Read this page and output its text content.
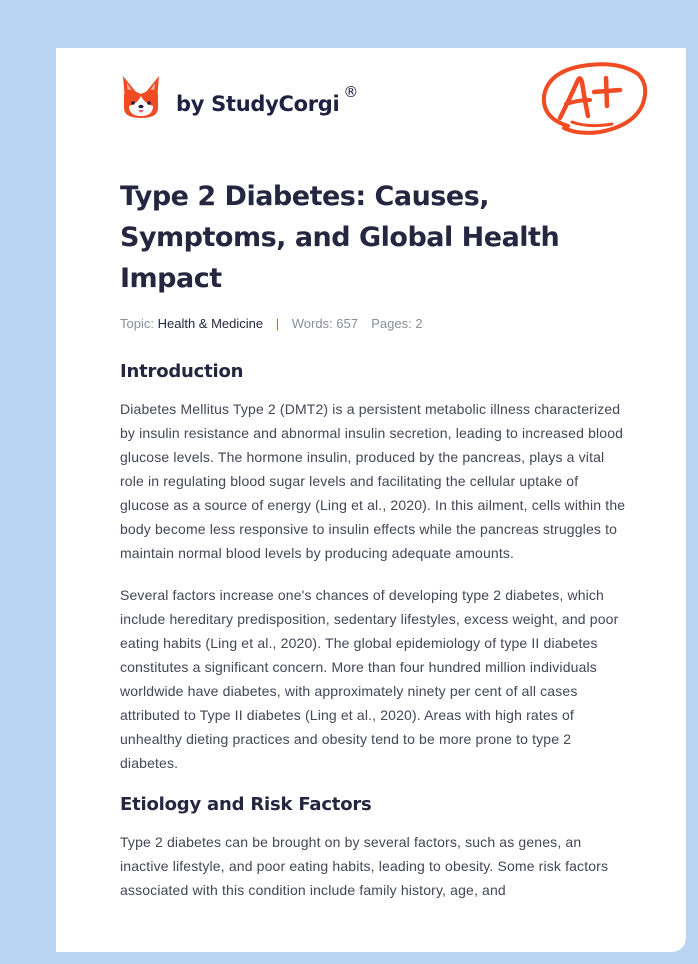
by StudyCorgi ®
Type 2 Diabetes: Causes, Symptoms, and Global Health Impact
Topic: Health & Medicine | Words: 657 Pages: 2
Introduction

Diabetes Mellitus Type 2 (DMT2) is a persistent metabolic illness characterized by insulin resistance and abnormal insulin secretion, leading to increased blood glucose levels. The hormone insulin, produced by the pancreas, plays a vital role in regulating blood sugar levels and facilitating the cellular uptake of glucose as a source of energy (Ling et al., 2020). In this ailment, cells within the body become less responsive to insulin effects while the pancreas struggles to maintain normal blood levels by producing adequate amounts.

Several factors increase one's chances of developing type 2 diabetes, which include hereditary predisposition, sedentary lifestyles, excess weight, and poor eating habits (Ling et al., 2020). The global epidemiology of type II diabetes constitutes a significant concern. More than four hundred million individuals worldwide have diabetes, with approximately ninety per cent of all cases attributed to Type II diabetes (Ling et al., 2020). Areas with high rates of unhealthy dieting practices and obesity tend to be more prone to type 2 diabetes.

Etiology and Risk Factors

Type 2 diabetes can be brought on by several factors, such as genes, an inactive lifestyle, and poor eating habits, leading to obesity. Some risk factors associated with this condition include family history, age, and
